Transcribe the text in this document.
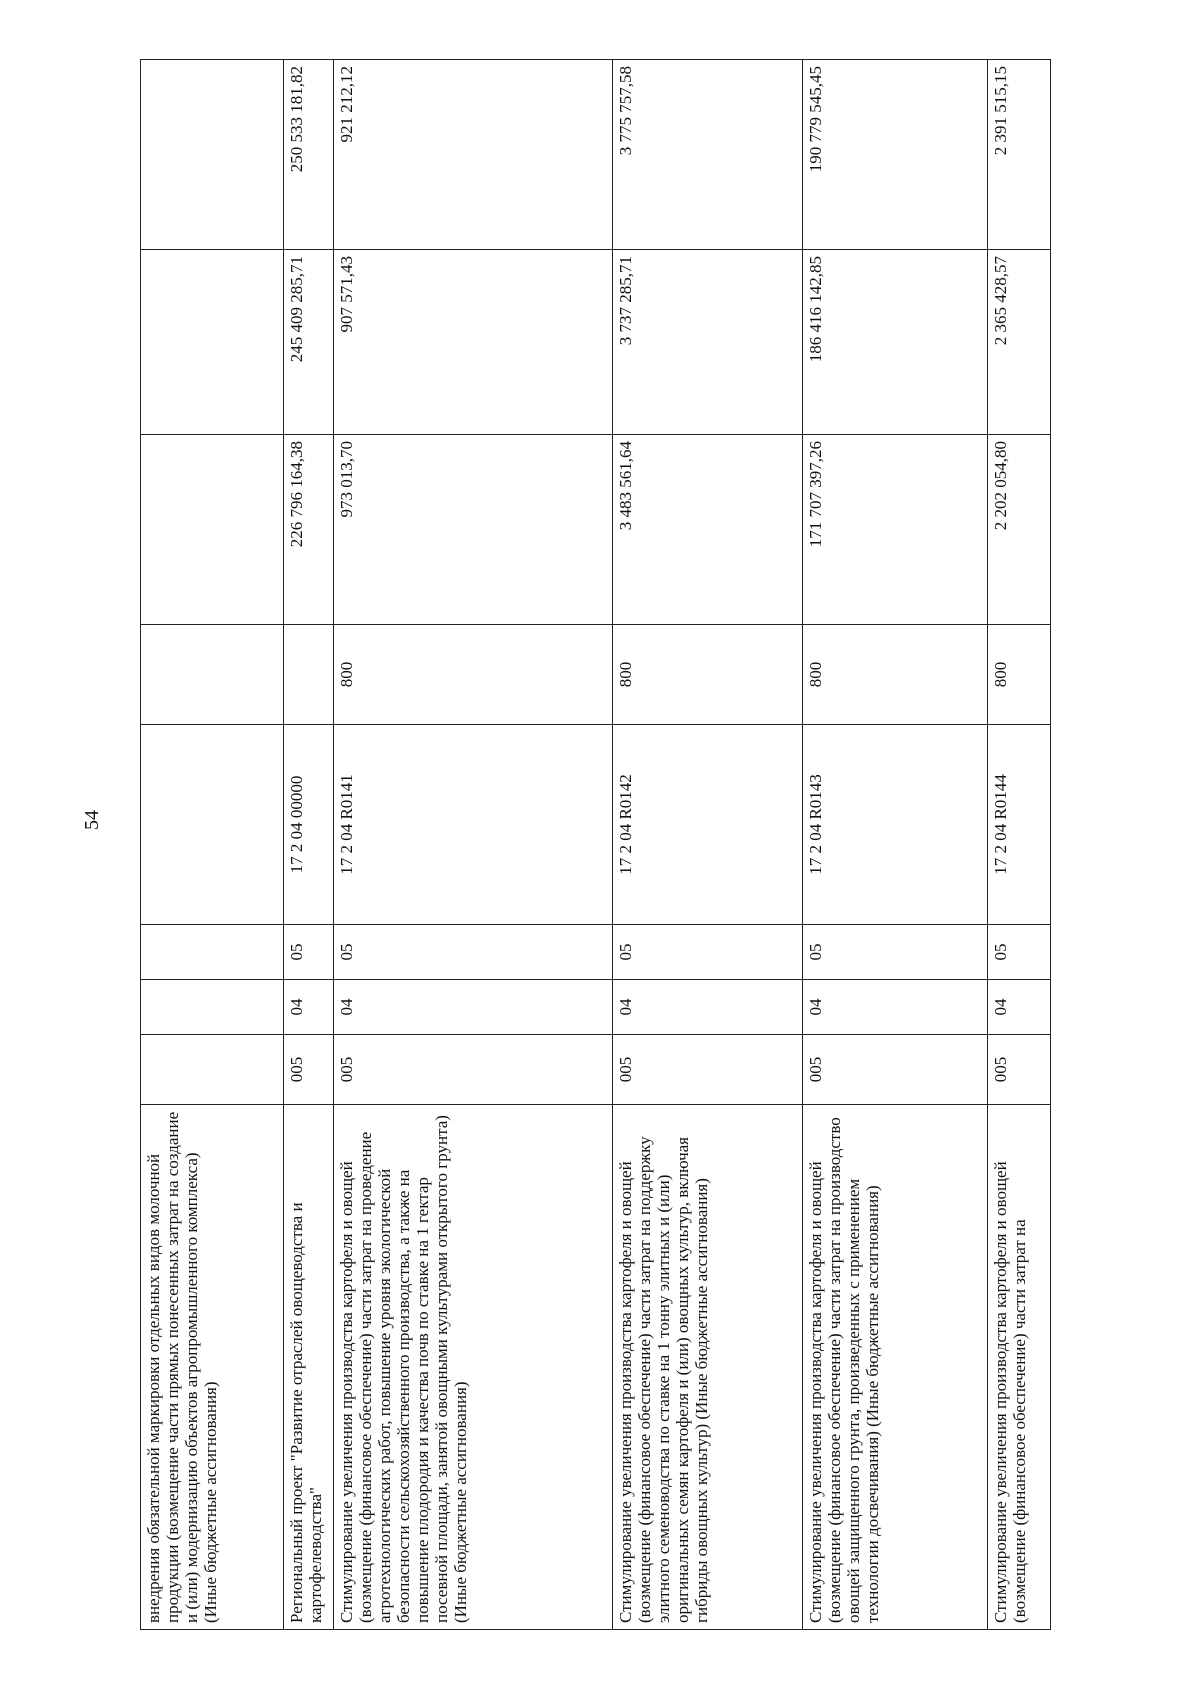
54
внедрения обязательной маркировки отдельных видов молочной продукции (возмещение части прямых понесенных затрат на создание и (или) модернизацию объектов агропромышленного комплекса) (Иные бюджетные ассигнования)								
Региональный проект "Развитие отраслей овощеводства и картофелеводства"	005	04	05	17 2 04 00000		226 796 164,38	245 409 285,71	250 533 181,82
Стимулирование увеличения производства картофеля и овощей (возмещение (финансовое обеспечение) части затрат на проведение агротехнологических работ, повышение уровня экологической безопасности сельскохозяйственного производства, а также на повышение плодородия и качества почв по ставке на 1 гектар посевной площади, занятой овощными культурами открытого грунта) (Иные бюджетные ассигнования)	005	04	05	17 2 04 R0141	800	973 013,70	907 571,43	921 212,12
Стимулирование увеличения производства картофеля и овощей (возмещение (финансовое обеспечение) части затрат на поддержку элитного семеноводства по ставке на 1 тонну элитных и (или) оригинальных семян картофеля и (или) овощных культур, включая гибриды овощных культур) (Иные бюджетные ассигнования)	005	04	05	17 2 04 R0142	800	3 483 561,64	3 737 285,71	3 775 757,58
Стимулирование увеличения производства картофеля и овощей (возмещение (финансовое обеспечение) части затрат на производство овощей защищенного грунта, произведенных с применением технологии досвечивания) (Иные бюджетные ассигнования)	005	04	05	17 2 04 R0143	800	171 707 397,26	186 416 142,85	190 779 545,45
Стимулирование увеличения производства картофеля и овощей (возмещение (финансовое обеспечение) части затрат на	005	04	05	17 2 04 R0144	800	2 202 054,80	2 365 428,57	2 391 515,15
